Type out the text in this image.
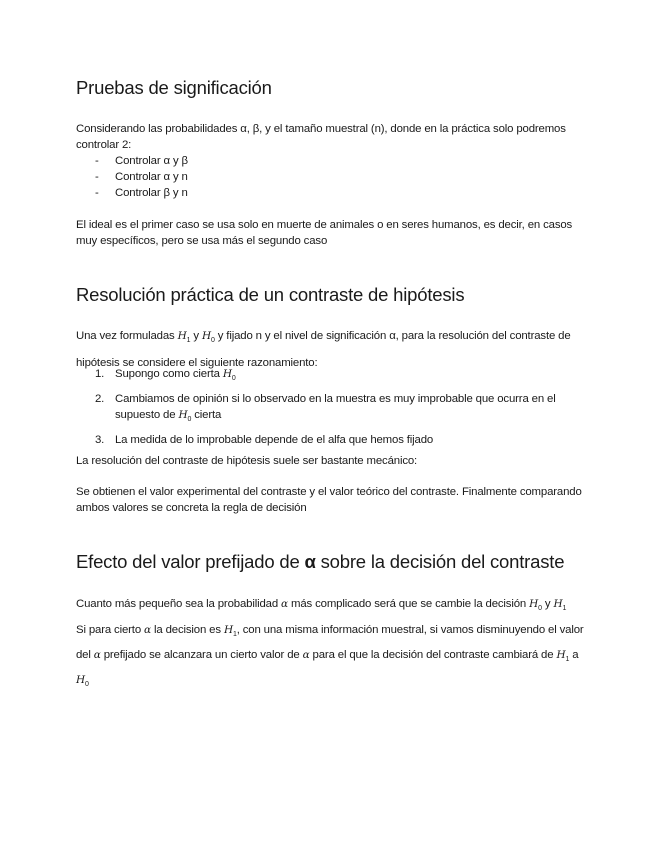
Pruebas de significación

Considerando las probabilidades α, β, y el tamaño muestral (n), donde en la práctica solo podremos controlar 2:

- Controlar α y β
- Controlar α y n
- Controlar β y n

El ideal es el primer caso se usa solo en muerte de animales o en seres humanos, es decir, en casos muy específicos, pero se usa más el segundo caso

Resolución práctica de un contraste de hipótesis

Una vez formuladas $H_1$ y $H_0$ y fijado n y el nivel de significación α, para la resolución del contraste de hipótesis se considere el siguiente razonamiento:

1. Supongo como cierta $H_0$
2. Cambiamos de opinión si lo observado en la muestra es muy improbable que ocurra en el supuesto de $H_0$ cierta
3. La medida de lo improbable depende de el alfa que hemos fijado

La resolución del contraste de hipótesis suele ser bastante mecánico:

Se obtienen el valor experimental del contraste y el valor teórico del contraste. Finalmente comparando ambos valores se concreta la regla de decisión

Efecto del valor prefijado de α sobre la decisión del contraste

Cuanto más pequeño sea la probabilidad α más complicado será que se cambie la decisión $H_0$ y $H_1$

Si para cierto α la decision es $H_1$, con una misma información muestral, si vamos disminuyendo el valor del α prefijado se alcanzara un cierto valor de α para el que la decisión del contraste cambiará de $H_1$ a $H_0$
